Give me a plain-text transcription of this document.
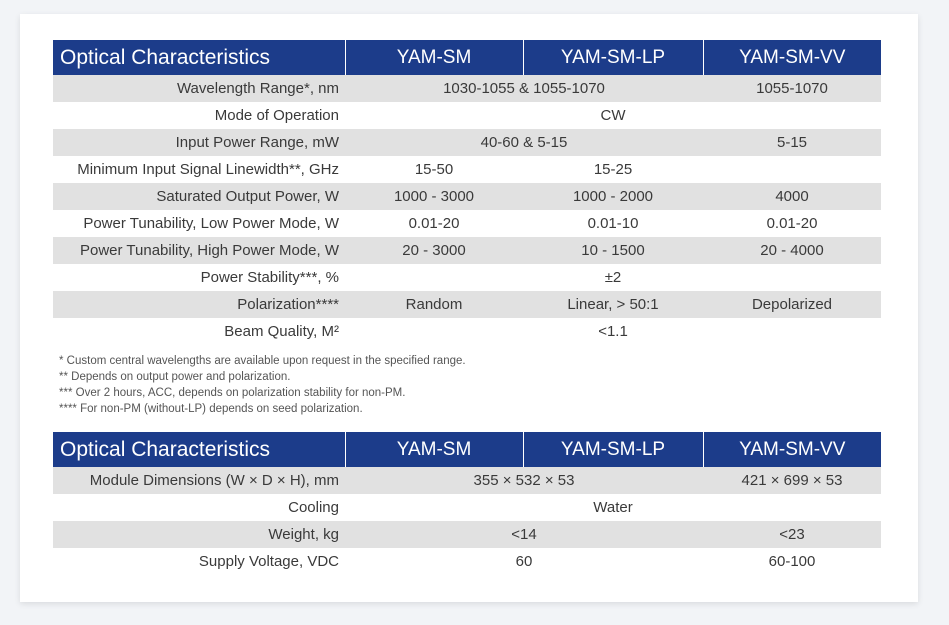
Optical Characteristics	YAM-SM	YAM-SM-LP	YAM-SM-VV
Wavelength Range*, nm	1030-1055 & 1055-1070		1055-1070
Mode of Operation	CW		
Input Power Range, mW	40-60 & 5-15		5-15
Minimum Input Signal Linewidth**, GHz	15-50	15-25	
Saturated Output Power, W	1000 - 3000	1000 - 2000	4000
Power Tunability, Low Power Mode, W	0.01-20	0.01-10	0.01-20
Power Tunability, High Power Mode, W	20 - 3000	10 - 1500	20 - 4000
Power Stability***, %	±2		
Polarization****	Random	Linear, > 50:1	Depolarized
Beam Quality, M²	<1.1		
* Custom central wavelengths are available upon request in the specified range.
** Depends on output power and polarization.
*** Over 2 hours, ACC, depends on polarization stability for non-PM.
**** For non-PM (without-LP) depends on seed polarization.
Optical Characteristics	YAM-SM	YAM-SM-LP	YAM-SM-VV
Module Dimensions (W × D × H), mm	355 × 532 × 53		421 × 699 × 53
Cooling	Water		
Weight, kg	<14		<23
Supply Voltage, VDC	60		60-100
